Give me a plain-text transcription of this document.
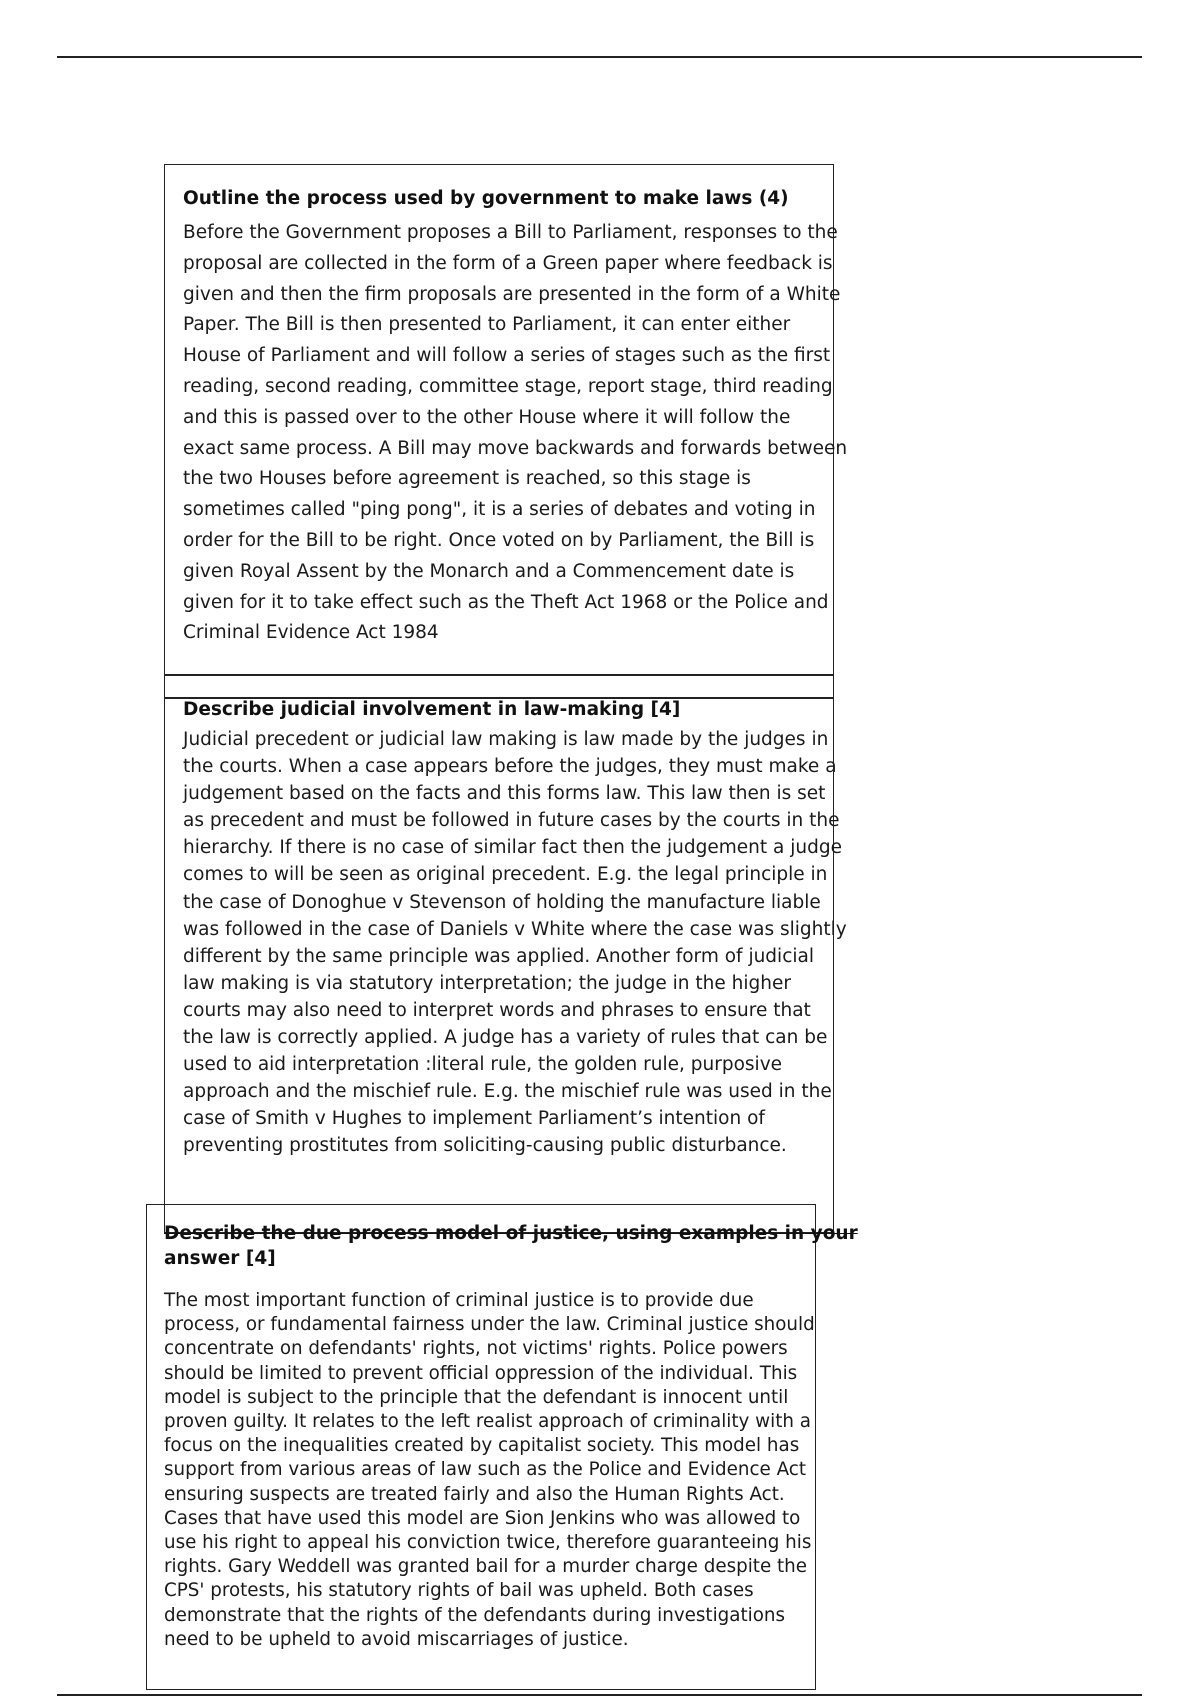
Outline the process used by government to make laws (4)
Before the Government proposes a Bill to Parliament, responses to the
proposal are collected in the form of a Green paper where feedback is
given and then the firm proposals are presented in the form of a White
Paper. The Bill is then presented to Parliament, it can enter either
House of Parliament and will follow a series of stages such as the first
reading, second reading, committee stage, report stage, third reading
and this is passed over to the other House where it will follow the
exact same process. A Bill may move backwards and forwards between
the two Houses before agreement is reached, so this stage is
sometimes called "ping pong", it is a series of debates and voting in
order for the Bill to be right. Once voted on by Parliament, the Bill is
given Royal Assent by the Monarch and a Commencement date is
given for it to take effect such as the Theft Act 1968 or the Police and
Criminal Evidence Act 1984
Describe judicial involvement in law-making [4]
Judicial precedent or judicial law making is law made by the judges in
the courts. When a case appears before the judges, they must make a
judgement based on the facts and this forms law. This law then is set
as precedent and must be followed in future cases by the courts in the
hierarchy. If there is no case of similar fact then the judgement a judge
comes to will be seen as original precedent. E.g. the legal principle in
the case of Donoghue v Stevenson of holding the manufacture liable
was followed in the case of Daniels v White where the case was slightly
different by the same principle was applied. Another form of judicial
law making is via statutory interpretation; the judge in the higher
courts may also need to interpret words and phrases to ensure that
the law is correctly applied. A judge has a variety of rules that can be
used to aid interpretation :literal rule, the golden rule, purposive
approach and the mischief rule. E.g. the mischief rule was used in the
case of Smith v Hughes to implement Parliament’s intention of
preventing prostitutes from soliciting-causing public disturbance.
Describe the due process model of justice, using examples in your
answer [4]
The most important function of criminal justice is to provide due
process, or fundamental fairness under the law. Criminal justice should
concentrate on defendants' rights, not victims' rights. Police powers
should be limited to prevent official oppression of the individual. This
model is subject to the principle that the defendant is innocent until
proven guilty. It relates to the left realist approach of criminality with a
focus on the inequalities created by capitalist society. This model has
support from various areas of law such as the Police and Evidence Act
ensuring suspects are treated fairly and also the Human Rights Act.
Cases that have used this model are Sion Jenkins who was allowed to
use his right to appeal his conviction twice, therefore guaranteeing his
rights. Gary Weddell was granted bail for a murder charge despite the
CPS' protests, his statutory rights of bail was upheld. Both cases
demonstrate that the rights of the defendants during investigations
need to be upheld to avoid miscarriages of justice.
